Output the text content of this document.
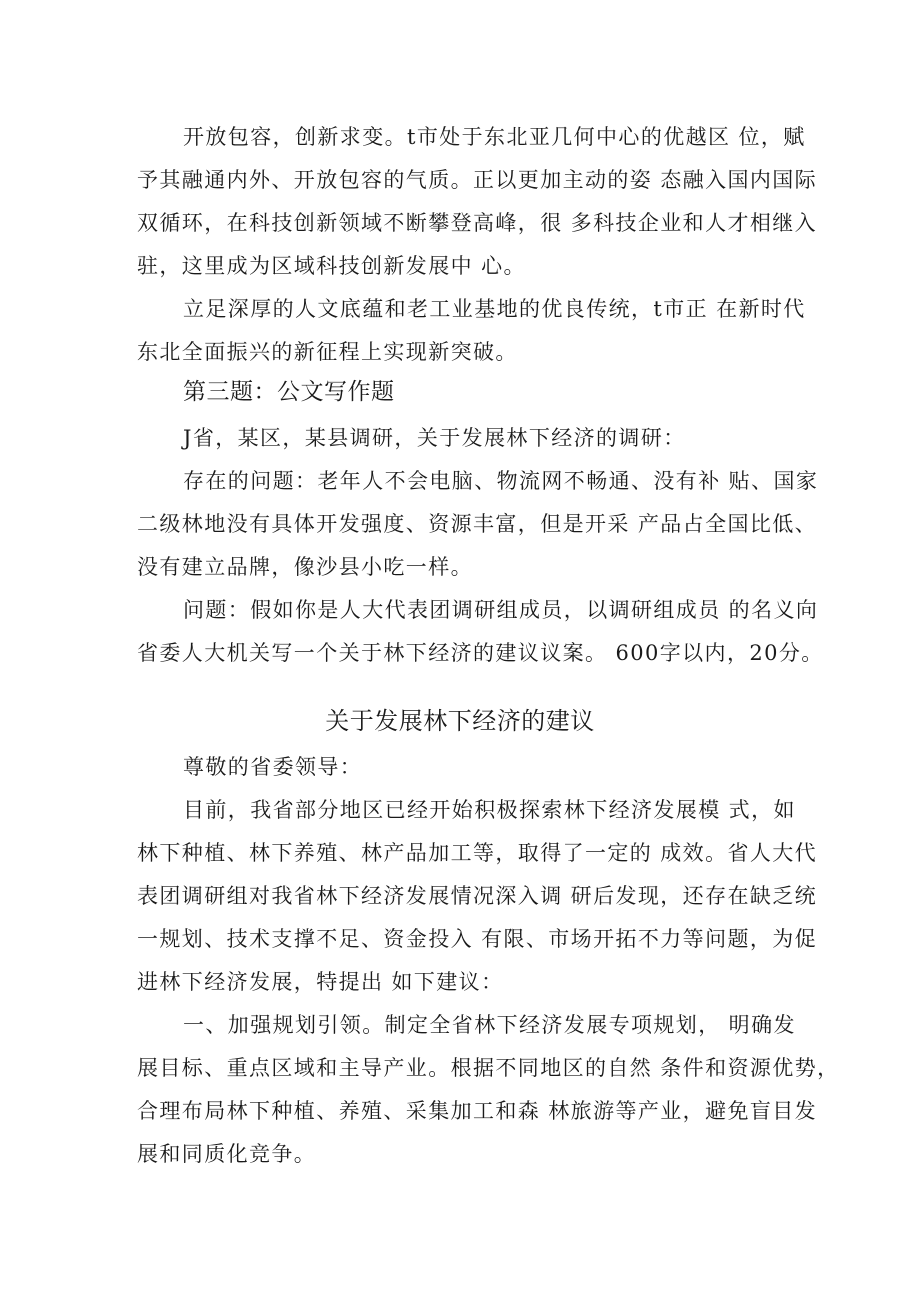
开放包容，创新求变。t市处于东北亚几何中心的优越区 位，赋
予其融通内外、开放包容的气质。正以更加主动的姿 态融入国内国际
双循环，在科技创新领域不断攀登高峰，很 多科技企业和人才相继入
驻，这里成为区域科技创新发展中 心。
立足深厚的人文底蕴和老工业基地的优良传统，t市正 在新时代
东北全面振兴的新征程上实现新突破。
第三题：公文写作题
J省，某区，某县调研，关于发展林下经济的调研：
存在的问题：老年人不会电脑、物流网不畅通、没有补 贴、国家
二级林地没有具体开发强度、资源丰富，但是开采 产品占全国比低、
没有建立品牌，像沙县小吃一样。
问题：假如你是人大代表团调研组成员，以调研组成员 的名义向
省委人大机关写一个关于林下经济的建议议案。 600字以内，20分。
关于发展林下经济的建议
尊敬的省委领导：
目前，我省部分地区已经开始积极探索林下经济发展模 式，如
林下种植、林下养殖、林产品加工等，取得了一定的 成效。省人大代
表团调研组对我省林下经济发展情况深入调 研后发现，还存在缺乏统
一规划、技术支撑不足、资金投入 有限、市场开拓不力等问题，为促
进林下经济发展，特提出 如下建议：
一、加强规划引领。制定全省林下经济发展专项规划， 明确发
展目标、重点区域和主导产业。根据不同地区的自然 条件和资源优势，
合理布局林下种植、养殖、采集加工和森 林旅游等产业，避免盲目发
展和同质化竞争。
